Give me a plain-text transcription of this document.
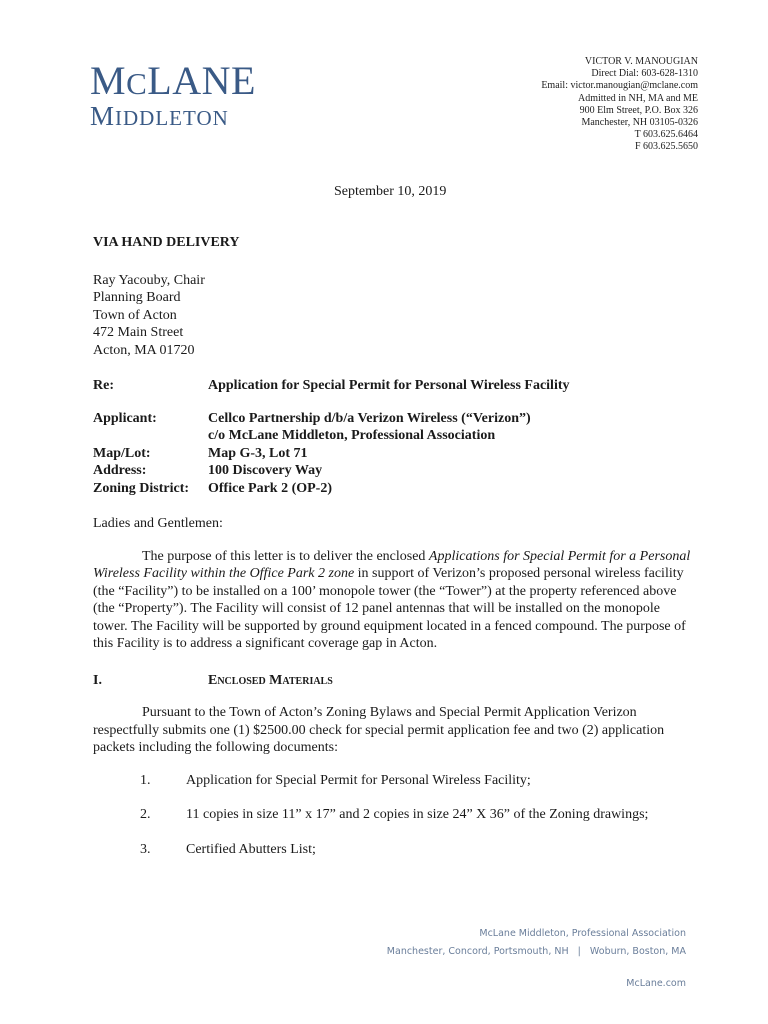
MCLANE
MIDDLETON
VICTOR V. MANOUGIAN
Direct Dial: 603-628-1310
Email: victor.manougian@mclane.com
Admitted in NH, MA and ME
900 Elm Street, P.O. Box 326
Manchester, NH 03105-0326
T 603.625.6464
F 603.625.5650
September 10, 2019
VIA HAND DELIVERY
Ray Yacouby, Chair
Planning Board
Town of Acton
472 Main Street
Acton, MA 01720
Re:	Application for Special Permit for Personal Wireless Facility
Applicant:	Cellco Partnership d/b/a Verizon Wireless (“Verizon”)
c/o McLane Middleton, Professional Association
Map/Lot:	Map G-3, Lot 71
Address:	100 Discovery Way
Zoning District:	Office Park 2 (OP-2)
Ladies and Gentlemen:

The purpose of this letter is to deliver the enclosed Applications for Special Permit for a Personal Wireless Facility within the Office Park 2 zone in support of Verizon’s proposed personal wireless facility (the “Facility”) to be installed on a 100’ monopole tower (the “Tower”) at the property referenced above (the “Property”). The Facility will consist of 12 panel antennas that will be installed on the monopole tower. The Facility will be supported by ground equipment located in a fenced compound. The purpose of this Facility is to address a significant coverage gap in Acton.

I.	Enclosed Materials

Pursuant to the Town of Acton’s Zoning Bylaws and Special Permit Application Verizon respectfully submits one (1) $2500.00 check for special permit application fee and two (2) application packets including the following documents:

1.	Application for Special Permit for Personal Wireless Facility;
2.	11 copies in size 11” x 17” and 2 copies in size 24” X 36” of the Zoning drawings;
3.	Certified Abutters List;
McLane Middleton, Professional Association
Manchester, Concord, Portsmouth, NH   |   Woburn, Boston, MA
McLane.com
